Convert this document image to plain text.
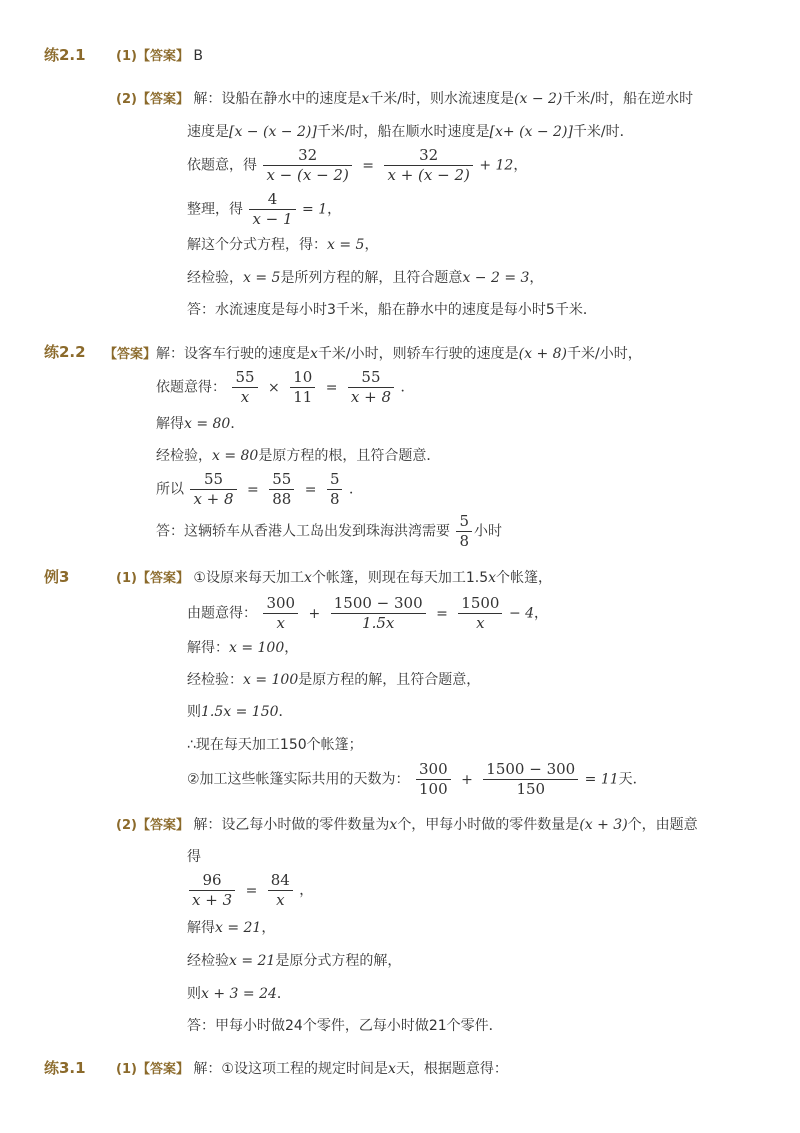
练2.1 (1)【答案】 B
(2)【答案】 解：设船在静水中的速度是x千米/时，则水流速度是(x − 2)千米/时，船在逆水时
速度是[x − (x − 2)]千米/时，船在顺水时速度是[x+ (x − 2)]千米/时．
依题意，得 $\frac{32}{x - (x - 2)} = \frac{32}{x + (x - 2)} + 12$，
整理，得 $\frac{4}{x - 1} = 1$，
解这个分式方程，得：x = 5，
经检验，x = 5是所列方程的解，且符合题意x − 2 = 3，
答：水流速度是每小时3千米，船在静水中的速度是每小时5千米．
练2.2 【答案】解：设客车行驶的速度是x千米/小时，则轿车行驶的速度是(x + 8)千米/小时，
依题意得： $\frac{55}{x} \times \frac{10}{11} = \frac{55}{x + 8}$ ．
解得x = 80．
经检验，x = 80是原方程的根，且符合题意．
所以 $\frac{55}{x + 8} = \frac{55}{88} = \frac{5}{8}$ ．
答：这辆轿车从香港人工岛出发到珠海洪湾需要 $\frac{5}{8}$ 小时
例3	(1)【答案】 ①设原来每天加工x个帐篷，则现在每天加工1.5x个帐篷，
由题意得： $\frac{300}{x} + \frac{1500 - 300}{1.5x} = \frac{1500}{x} - 4$，
解得：x = 100，
经检验：x = 100是原方程的解，且符合题意，
则1.5x = 150．
∴现在每天加工150个帐篷；
②加工这些帐篷实际共用的天数为： $\frac{300}{100} + \frac{1500 - 300}{150} = 11$天．
(2)【答案】 解：设乙每小时做的零件数量为x个，甲每小时做的零件数量是(x + 3)个，由题意
得
$\frac{96}{x + 3} = \frac{84}{x}$ ，
解得x = 21，
经检验x = 21是原分式方程的解，
则x + 3 = 24．
答：甲每小时做24个零件，乙每小时做21个零件．
练3.1 (1)【答案】 解：①设这项工程的规定时间是x天，根据题意得：
